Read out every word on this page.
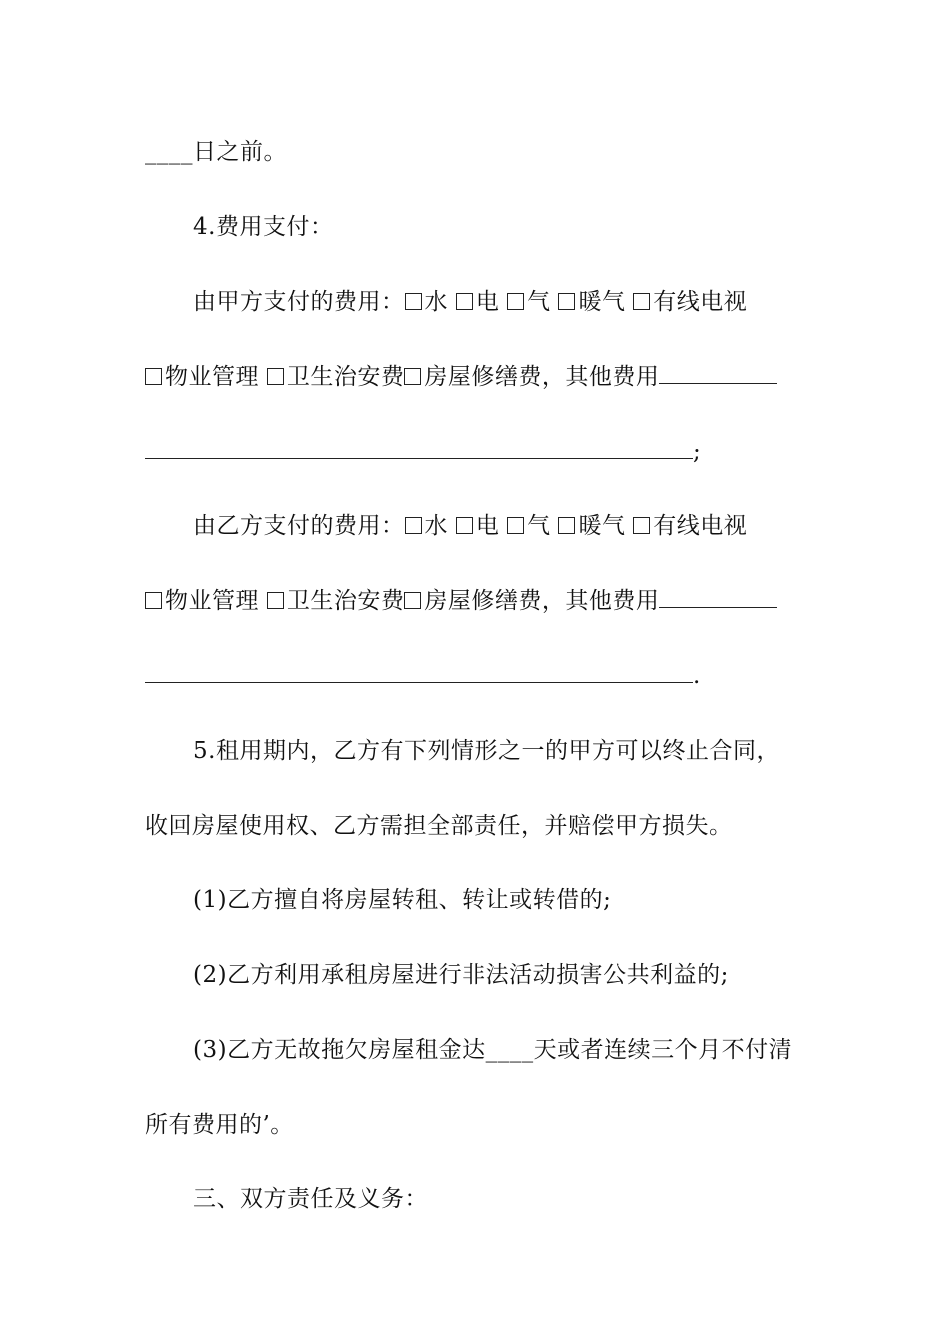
____日之前。
4.费用支付：
由甲方支付的费用： 水 电 气 暖气 有线电视
物业管理 卫生治安费 房屋修缮费，其他费用
;
由乙方支付的费用： 水 电 气 暖气 有线电视
物业管理 卫生治安费 房屋修缮费，其他费用
.
5.租用期内，乙方有下列情形之一的甲方可以终止合同，
收回房屋使用权、乙方需担全部责任，并赔偿甲方损失。
(1)乙方擅自将房屋转租、转让或转借的;
(2)乙方利用承租房屋进行非法活动损害公共利益的;
(3)乙方无故拖欠房屋租金达____天或者连续三个月不付清
所有费用的’。
三、双方责任及义务：
